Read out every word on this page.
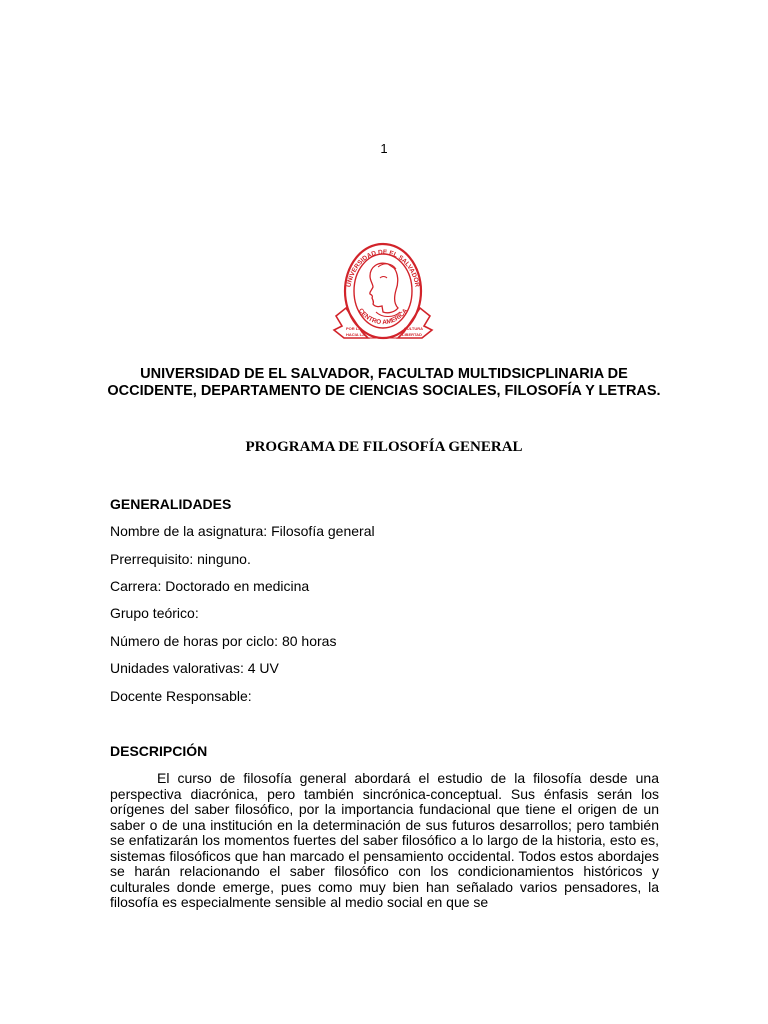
1
UNIVERSIDAD DE EL SALVADOR
CENTRO AMERICA
HACIA LA	LIBERTAD
POR LA	CULTURA
UNIVERSIDAD DE EL SALVADOR, FACULTAD MULTIDSICPLINARIA DE
OCCIDENTE, DEPARTAMENTO DE CIENCIAS SOCIALES, FILOSOFÍA Y LETRAS.
PROGRAMA DE FILOSOFÍA GENERAL
GENERALIDADES
Nombre de la asignatura: Filosofía general
Prerrequisito: ninguno.
Carrera: Doctorado en medicina
Grupo teórico:
Número de horas por ciclo: 80 horas
Unidades valorativas: 4 UV
Docente Responsable:
DESCRIPCIÓN

El curso de filosofía general abordará el estudio de la filosofía desde una perspectiva diacrónica, pero también sincrónica-conceptual. Sus énfasis serán los orígenes del saber filosófico, por la importancia fundacional que tiene el origen de un saber o de una institución en la determinación de sus futuros desarrollos; pero también se enfatizarán los momentos fuertes del saber filosófico a lo largo de la historia, esto es, sistemas filosóficos que han marcado el pensamiento occidental. Todos estos abordajes se harán relacionando el saber filosófico con los condicionamientos históricos y culturales donde emerge, pues como muy bien han señalado varios pensadores, la filosofía es especialmente sensible al medio social en que se
